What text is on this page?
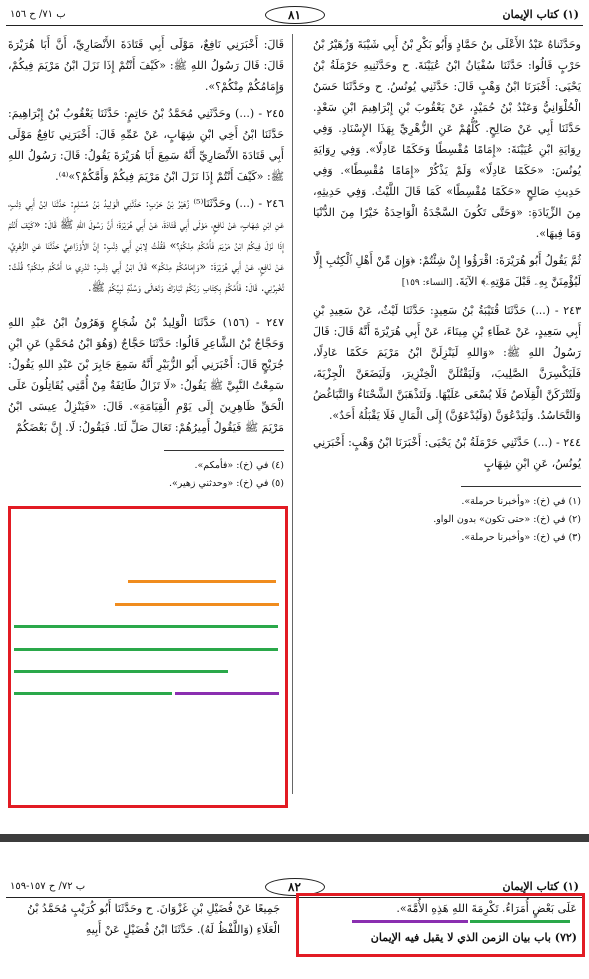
(١) كتاب الإيمان
٨١
ب ٧١/ ح ١٥٦

وحَدَّثَناهُ عَبْدُ الأَعْلَى بنُ حَمَّادٍ وَأَبُو بَكْرِ بْنُ أَبِي شَيْبَةَ وَزُهَيْرُ بْنُ حَرْبٍ قَالُوا: حَدَّثَنَا سُفْيَانُ ابْنُ عُيَيْنَةَ. ح وحَدَّثَنِيهِ حَرْمَلَةُ بْنُ يَحْيَى: أَخْبَرَنَا ابْنُ وَهْبٍ قَالَ: حَدَّثَنِي يُونُسُ. ح وحَدَّثَنَا حَسَنٌ الْحُلْوَانِيُّ وَعَبْدُ بْنُ حُمَيْدٍ، عَنْ يَعْقُوبَ بْنِ إِبْرَاهِيمَ ابْنِ سَعْدٍ. حَدَّثَنَا أَبِي عَنْ صَالِحٍ. كُلُّهُمْ عَنِ الزُّهْرِيِّ بِهَذَا الإِسْنَادِ. وَفِي رِوَايَةِ ابْنِ عُيَيْنَةَ: «إِمَامًا مُقْسِطًا وَحَكَمًا عَادِلًا». وَفِي رِوَايَةِ يُونُسَ: «حَكَمًا عَادِلًا» وَلَمْ يَذْكُرْ «إِمَامًا مُقْسِطًا». وَفِي حَدِيثِ صَالِحٍ «حَكَمًا مُقْسِطًا» كَمَا قَالَ اللَّيْثُ. وَفِي حَدِيثِهِ، مِنَ الزِّيَادَةِ: «وَحَتَّى تَكُونَ السَّجْدَةُ الْوَاحِدَةُ خَيْرًا مِنَ الدُّنْيَا وَمَا فِيهَا».

ثُمَّ يَقُولُ أَبُو هُرَيْرَةَ: اقْرَؤُوا إِنْ شِئْتُمْ: ﴿وَإِن مِّنْ أَهْلِ ٱلْكِتَٰبِ إِلَّا لَيُؤْمِنَنَّ بِهِۦ قَبْلَ مَوْتِهِۦ﴾ الآيَةَ. [النساء: ١٥٩]

٢٤٣ - (...) حَدَّثَنَا قُتَيْبَةُ بْنُ سَعِيدٍ: حَدَّثَنَا لَيْثٌ، عَنْ سَعِيدِ بْنِ أَبِي سَعِيدٍ، عَنْ عَطَاءِ بْنِ مِينَاءَ، عَنْ أَبِي هُرَيْرَةَ أَنَّهُ قَالَ: قَالَ رَسُولُ اللهِ ﷺ: «وَاللهِ لَيَنْزِلَنَّ ابْنُ مَرْيَمَ حَكَمًا عَادِلًا، فَلَيَكْسِرَنَّ الصَّلِيبَ، وَلَيَقْتُلَنَّ الْخِنْزِيرَ، وَلَيَضَعَنَّ الْجِزْيَةَ، وَلَتُتْرَكَنَّ الْقِلَاصُ فَلَا يُسْعَى عَلَيْهَا. وَلَتَذْهَبَنَّ الشَّحْنَاءُ وَالتَّبَاغُضُ وَالتَّحَاسُدُ. وَلَيَدْعُوَنَّ (وَلَيُدْعَوُنَّ) إِلَى الْمَالِ فَلَا يَقْبَلُهُ أَحَدٌ».

٢٤٤ - (...) حَدَّثَنِي حَرْمَلَةُ بْنُ يَحْيَى: أَخْبَرَنَا ابْنُ وَهْبٍ: أَخْبَرَنِي يُونُسُ، عَنِ ابْنِ شِهَابٍ

(١) في (خ): «وأخبرنا حرملة».

(٢) في (خ): «حتى تكون» بدون الواو.

(٣) في (خ): «وأخبرنا حرملة».

قَالَ: أَخْبَرَنِي نَافِعٌ، مَوْلَى أَبِي قَتَادَةَ الأَنْصَارِيِّ، أَنَّ أَبَا هُرَيْرَةَ قَالَ: قَالَ رَسُولُ اللهِ ﷺ: «كَيْفَ أَنْتُمْ إِذَا نَزَلَ ابْنُ مَرْيَمَ فِيكُمْ، وَإِمَامُكُمْ مِنْكُمْ؟».

٢٤٥ - (...) وحَدَّثَنِي مُحَمَّدُ بْنُ حَاتِمٍ: حَدَّثَنَا يَعْقُوبُ بْنُ إِبْرَاهِيمَ: حَدَّثَنَا ابْنُ أَخِي ابْنِ شِهَابٍ، عَنْ عَمِّهِ قَالَ: أَخْبَرَنِي نَافِعٌ مَوْلَى أَبِي قَتَادَةَ الأَنْصَارِيِّ أَنَّهُ سَمِعَ أَبَا هُرَيْرَةَ يَقُولُ: قَالَ: رَسُولُ اللهِ ﷺ: «كَيْفَ أَنْتُمْ إِذَا نَزَلَ ابْنُ مَرْيَمَ فِيكُمْ وَأَمَّكُمْ؟»⁽⁴⁾.

٢٤٦ - (...) وحَدَّثَنَا⁽⁵⁾ زُهَيْرُ بْنُ حَرْبٍ: حَدَّثَنِي الْوَلِيدُ بْنُ مُسْلِمٍ: حَدَّثَنَا ابْنُ أَبِي ذِئْبٍ، عَنِ ابْنِ شِهَابٍ، عَنْ نَافِعٍ، مَوْلَى أَبِي قَتَادَةَ، عَنْ أَبِي هُرَيْرَةَ؛ أَنَّ رَسُولَ اللهِ ﷺ قَالَ: «كَيْفَ أَنْتُمْ إِذَا نَزَلَ فِيكُمُ ابْنُ مَرْيَمَ فَأَمَّكُمْ مِنْكُمْ؟» فَقُلْتُ لِابْنِ أَبِي ذِئْبٍ: إِنَّ الأَوْزَاعِيَّ حَدَّثَنَا عَنِ الزُّهْرِيِّ، عَنْ نَافِعٍ، عَنْ أَبِي هُرَيْرَةَ: «وَإِمَامُكُمْ مِنْكُمْ» قَالَ ابْنُ أَبِي ذِئْبٍ: تَدْرِي مَا أَمَّكُمْ مِنْكُمْ؟ قُلْتُ: تُخْبِرُنِي. قَالَ: فَأَمَّكُمْ بِكِتَابِ رَبِّكُمْ تَبَارَكَ وَتَعَالَى وَسُنَّةِ نَبِيِّكُمْ ﷺ.

٢٤٧ - (١٥٦) حَدَّثَنَا الْوَلِيدُ بْنُ شُجَاعٍ وَهَرُونُ ابْنُ عَبْدِ اللهِ وَحَجَّاجُ بْنُ الشَّاعِرِ قَالُوا: حَدَّثَنَا حَجَّاجٌ (وَهُوَ ابْنُ مُحَمَّدٍ) عَنِ ابْنِ جُرَيْجٍ قَالَ: أَخْبَرَنِي أَبُو الزُّبَيْرِ أَنَّهُ سَمِعَ جَابِرَ بْنَ عَبْدِ اللهِ يَقُولُ: سَمِعْتُ النَّبِيَّ ﷺ يَقُولُ: «لَا تَزَالُ طَائِفَةٌ مِنْ أُمَّتِي يُقَاتِلُونَ عَلَى الْحَقِّ ظَاهِرِينَ إِلَى يَوْمِ الْقِيَامَةِ». قَالَ: «فَيَنْزِلُ عِيسَى ابْنُ مَرْيَمَ ﷺ فَيَقُولُ أَمِيرُهُمْ: تَعَالَ صَلِّ لَنَا. فَيَقُولُ: لَا. إِنَّ بَعْضَكُمْ

(٤) في (خ): «فأمكم».

(٥) في (خ): «وحدثني زهير».

(١) كتاب الإيمان
٨٢
ب ٧٢/ ح ١٥٧-١٥٩

عَلَى بَعْضٍ أُمَرَاءُ. تَكْرِمَةَ اللهِ هَذِهِ الأُمَّةَ».

(٧٢) باب بيان الزمن الذي لا يقبل فيه الإيمان

جَمِيعًا عَنْ فُضَيْلِ بْنِ غَزْوَانَ. ح وحَدَّثَنَا أَبُو كُرَيْبٍ مُحَمَّدُ بْنُ الْعَلَاءِ (وَاللَّفْظُ لَهُ). حَدَّثَنَا ابْنُ فُضَيْلٍ عَنْ أَبِيهِ
